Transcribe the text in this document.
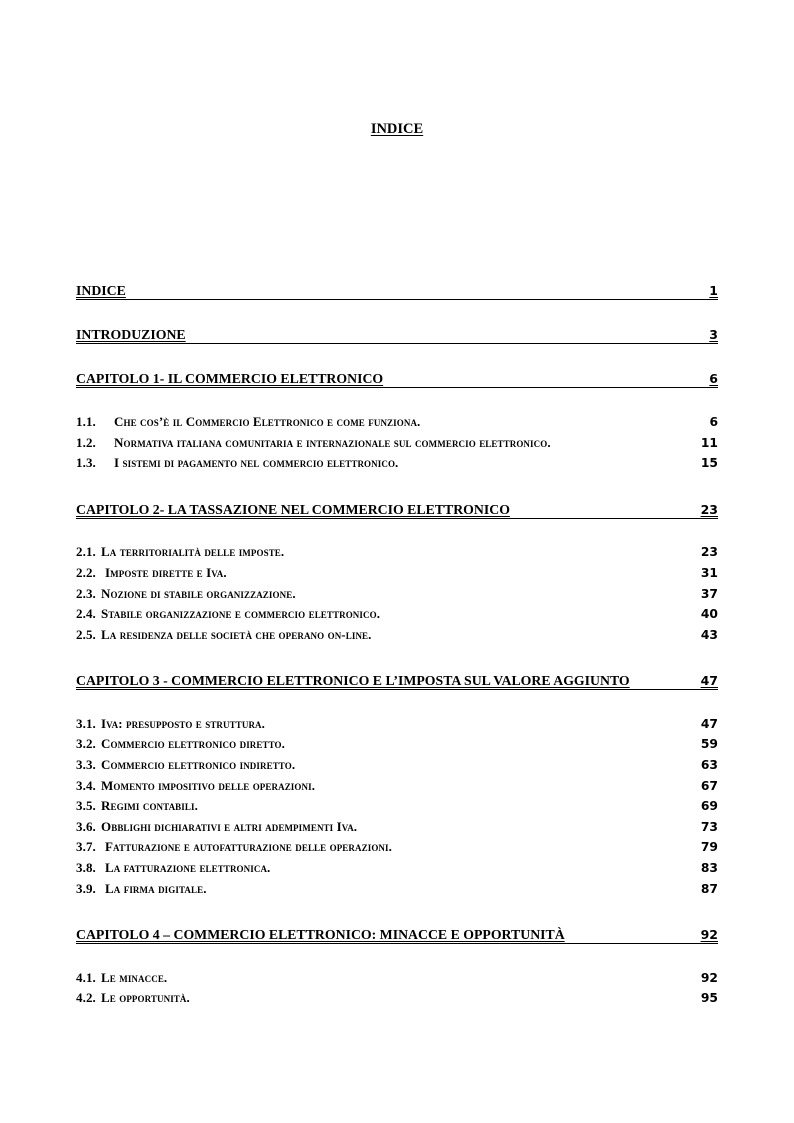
INDICE
INDICE	1
INTRODUZIONE	3
CAPITOLO 1- IL COMMERCIO ELETTRONICO	6
1.1. Che cos’è il Commercio Elettronico e come funziona.	6
1.2. Normativa italiana comunitaria e internazionale sul commercio elettronico.	11
1.3. I sistemi di pagamento nel commercio elettronico.	15
CAPITOLO 2- LA TASSAZIONE NEL COMMERCIO ELETTRONICO	23
2.1. La territorialità delle imposte.	23
2.2. Imposte dirette e Iva.	31
2.3. Nozione di stabile organizzazione.	37
2.4. Stabile organizzazione e commercio elettronico.	40
2.5. La residenza delle società che operano on-line.	43
CAPITOLO 3 - COMMERCIO ELETTRONICO E L’IMPOSTA SUL VALORE AGGIUNTO	47
3.1. Iva: presupposto e struttura.	47
3.2. Commercio elettronico diretto.	59
3.3. Commercio elettronico indiretto.	63
3.4. Momento impositivo delle operazioni.	67
3.5. Regimi contabili.	69
3.6. Obblighi dichiarativi e altri adempimenti Iva.	73
3.7. Fatturazione e autofatturazione delle operazioni.	79
3.8. La fatturazione elettronica.	83
3.9. La firma digitale.	87
CAPITOLO 4 – COMMERCIO ELETTRONICO: MINACCE E OPPORTUNITÀ	92
4.1. Le minacce.	92
4.2. Le opportunità.	95
